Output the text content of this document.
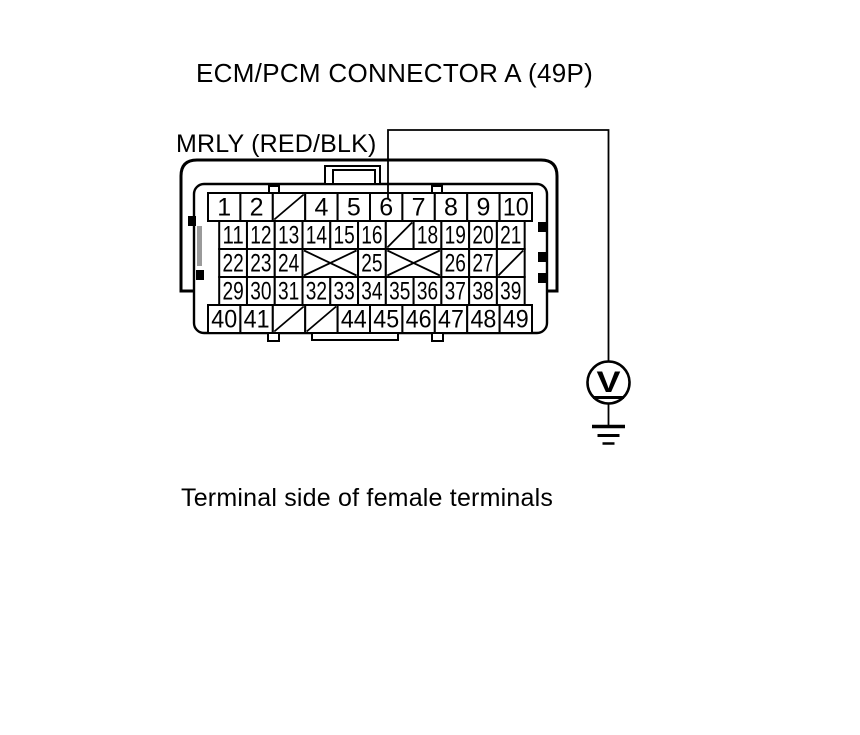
ECM/PCM CONNECTOR A (49P)
MRLY (RED/BLK)
Terminal side of female terminals
1 2 4 5 6 7 8 9 10
11 12 13 14 15 16 18 19 20 21
22 23 24 25 26 27
29 30 31 32 33 34 35 36 37 38 39
40 41	44 45 46 47 48 49
V
